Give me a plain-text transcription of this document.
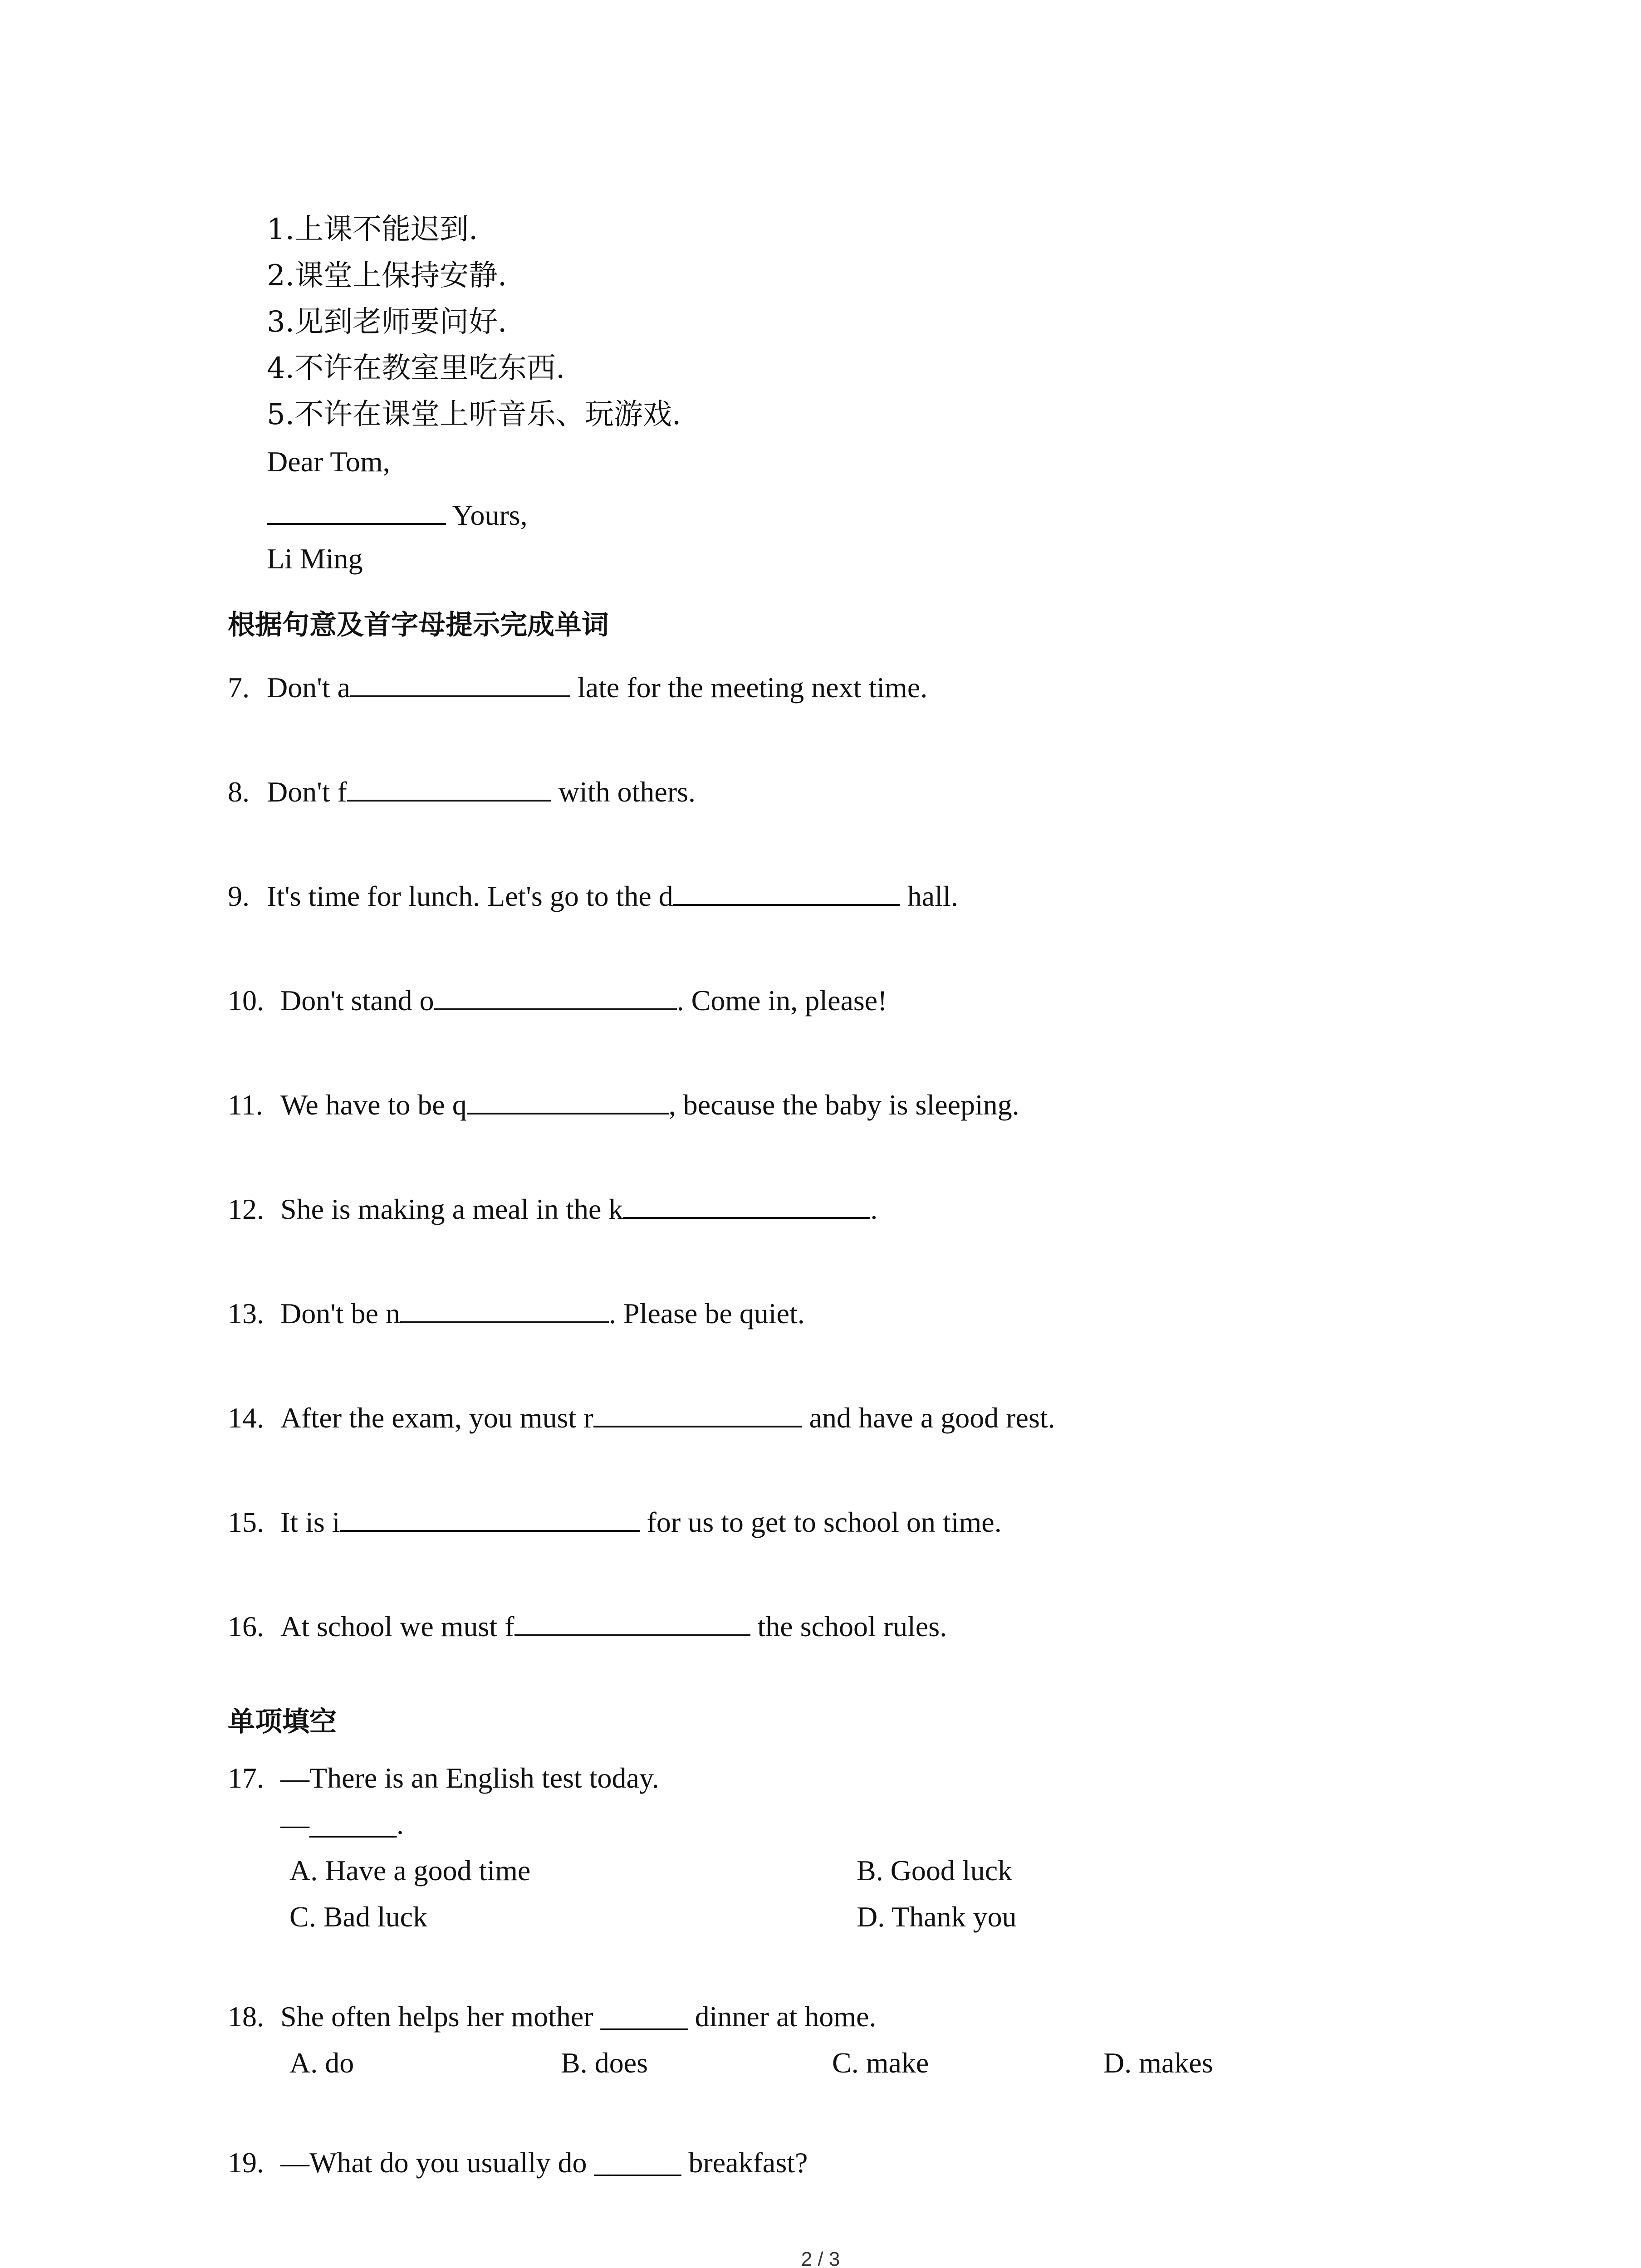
1.上课不能迟到.
2.课堂上保持安静.
3.见到老师要问好.
4.不许在教室里吃东西.
5.不许在课堂上听音乐、玩游戏.
Dear Tom,
Yours,
Li Ming
根据句意及首字母提示完成单词
7. Don't a	late for the meeting next time.
8. Don't f	with others.
9. It's time for lunch. Let's go to the d	hall.
10. Don't stand o	. Come in, please!
11. We have to be q	, because the baby is sleeping.
12. She is making a meal in the k	.
13. Don't be n	. Please be quiet.
14. After the exam, you must r	and have a good rest.
15. It is i	for us to get to school on time.
16. At school we must f	the school rules.
单项填空
17. —There is an English test today.
—______.
A. Have a good time	B. Good luck
C. Bad luck	D. Thank you
18. She often helps her mother ______ dinner at home.
A. do	B. does	C. make	D. makes
19. —What do you usually do ______ breakfast?
2 / 3
